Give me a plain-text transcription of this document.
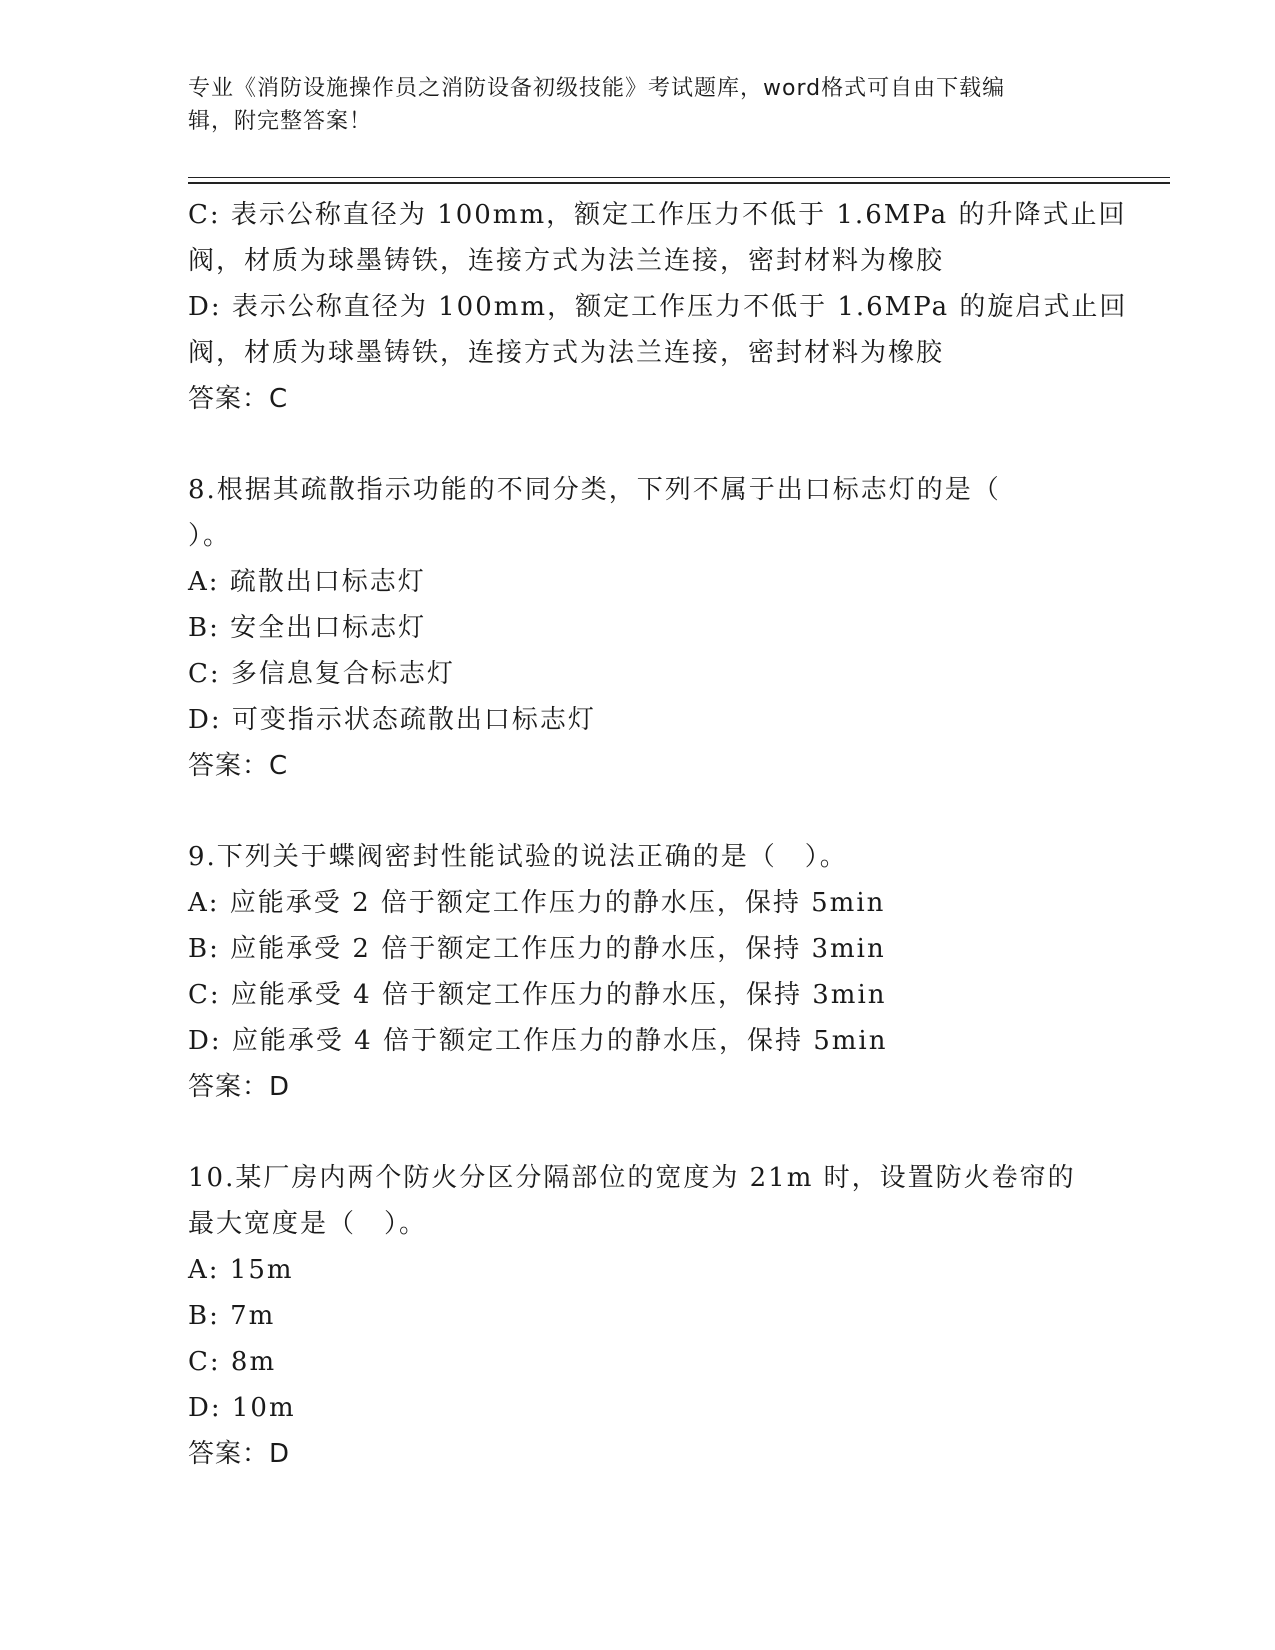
专业《消防设施操作员之消防设备初级技能》考试题库，word格式可自由下载编
辑，附完整答案！
C: 表示公称直径为 100mm，额定工作压力不低于 1.6MPa 的升降式止回
阀，材质为球墨铸铁，连接方式为法兰连接，密封材料为橡胶
D: 表示公称直径为 100mm，额定工作压力不低于 1.6MPa 的旋启式止回
阀，材质为球墨铸铁，连接方式为法兰连接，密封材料为橡胶
答案：C
8.根据其疏散指示功能的不同分类，下列不属于出口标志灯的是（
）。
A: 疏散出口标志灯
B: 安全出口标志灯
C: 多信息复合标志灯
D: 可变指示状态疏散出口标志灯
答案：C
9.下列关于蝶阀密封性能试验的说法正确的是（　）。
A: 应能承受 2 倍于额定工作压力的静水压，保持 5min
B: 应能承受 2 倍于额定工作压力的静水压，保持 3min
C: 应能承受 4 倍于额定工作压力的静水压，保持 3min
D: 应能承受 4 倍于额定工作压力的静水压，保持 5min
答案：D
10.某厂房内两个防火分区分隔部位的宽度为 21m 时，设置防火卷帘的
最大宽度是（　）。
A: 15m
B: 7m
C: 8m
D: 10m
答案：D
